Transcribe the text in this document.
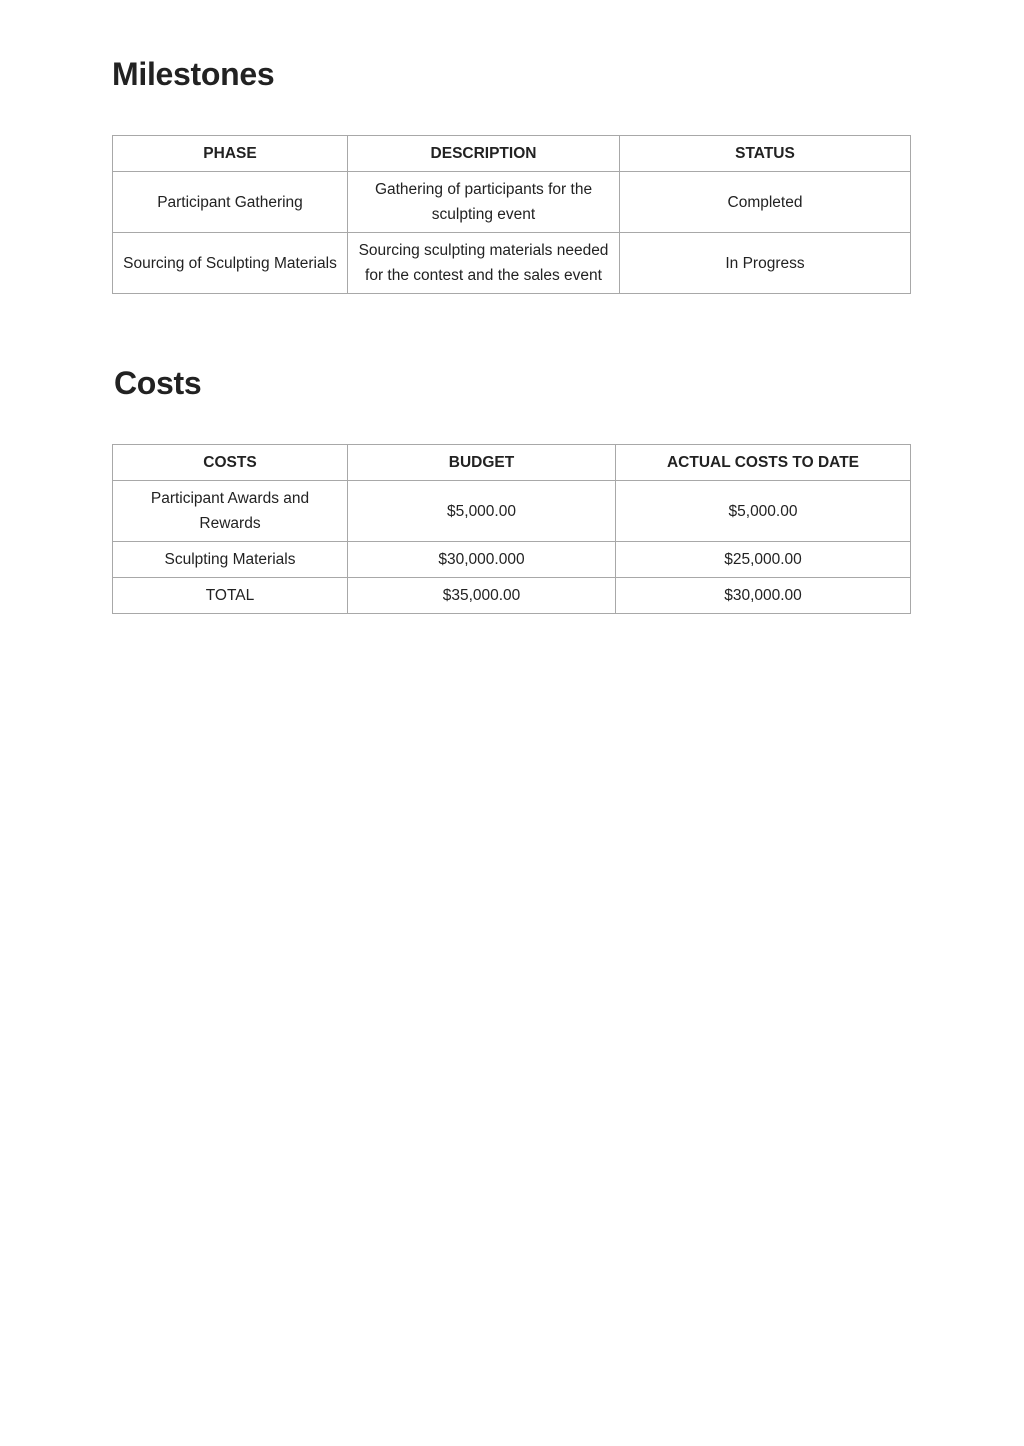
Milestones
PHASE	DESCRIPTION	STATUS
Participant Gathering	Gathering of participants for the sculpting event	Completed
Sourcing of Sculpting Materials	Sourcing sculpting materials needed for the contest and the sales event	In Progress
Costs
COSTS	BUDGET	ACTUAL COSTS TO DATE
Participant Awards and Rewards	$5,000.00	$5,000.00
Sculpting Materials	$30,000.000	$25,000.00
TOTAL	$35,000.00	$30,000.00
